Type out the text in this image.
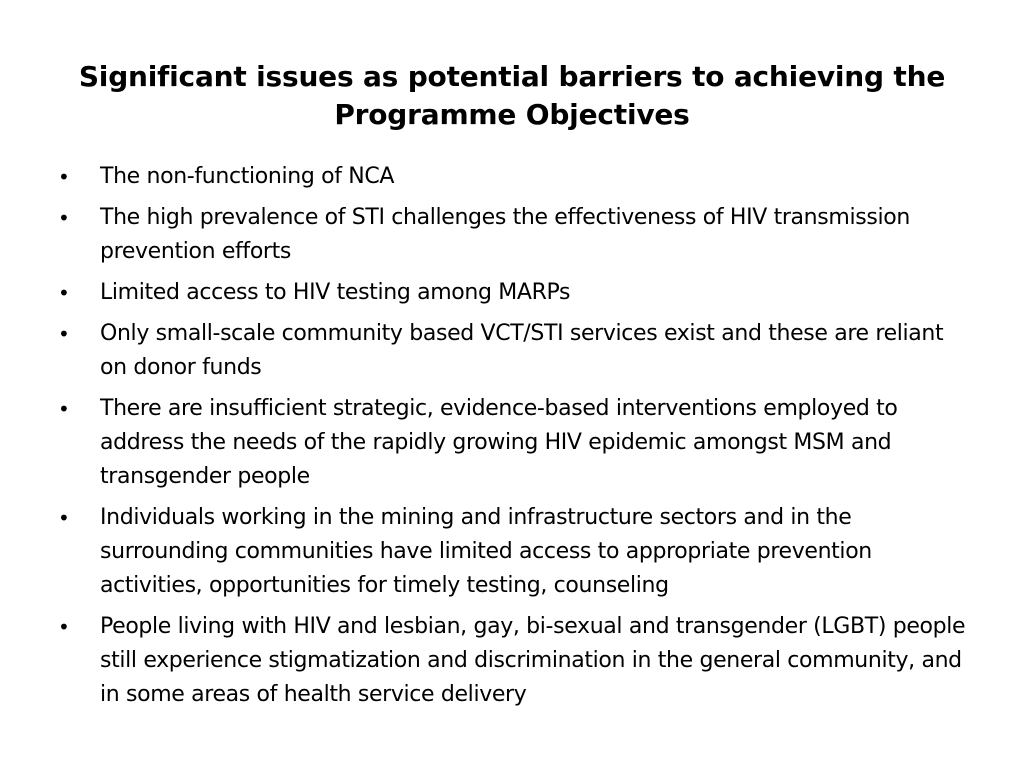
Significant issues as potential barriers to achieving the Programme Objectives
•	The non-functioning of NCA
•	The high prevalence of STI challenges the effectiveness of HIV transmission prevention efforts
•	Limited access to HIV testing among MARPs
•	Only small-scale community based VCT/STI services exist and these are reliant on donor funds
•	There are insufficient strategic, evidence-based interventions employed to address the needs of the rapidly growing HIV epidemic amongst MSM and transgender people
•	Individuals working in the mining and infrastructure sectors and in the surrounding communities have limited access to appropriate prevention activities, opportunities for timely testing, counseling
•	People living with HIV and lesbian, gay, bi-sexual and transgender (LGBT) people still experience stigmatization and discrimination in the general community, and in some areas of health service delivery
